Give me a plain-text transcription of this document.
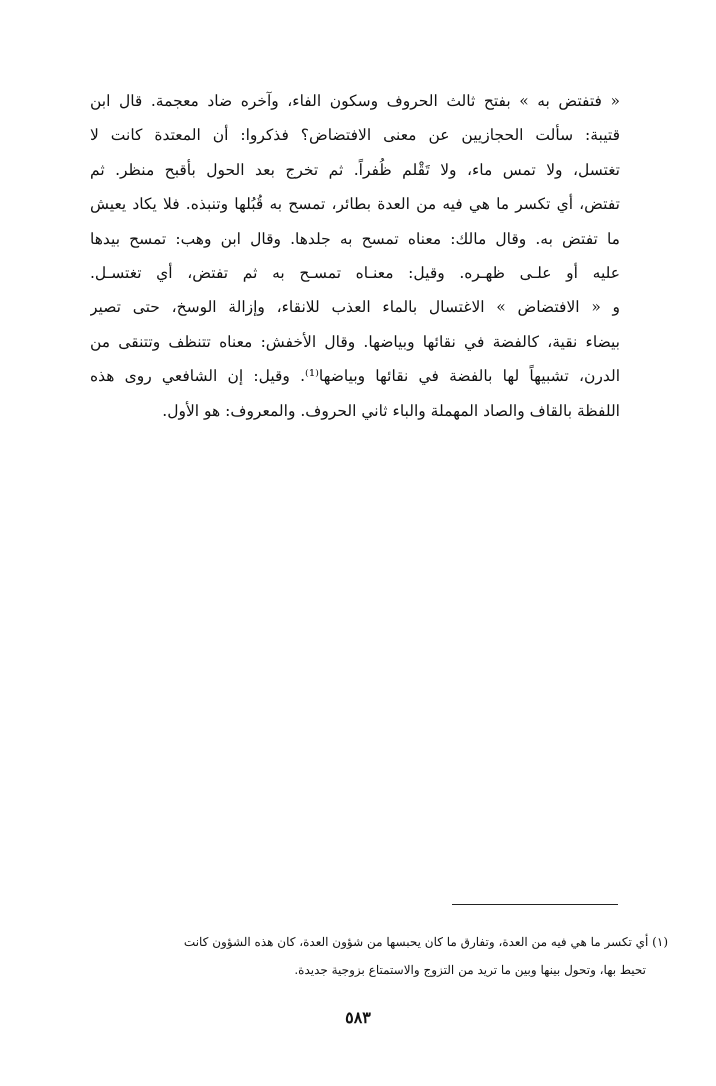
« فتفتض به » بفتح ثالث الحروف وسكون الفاء، وآخره ضاد معجمة. قال ابن
قتيبة: سألت الحجازيين عن معنى الافتضاض؟ فذكروا: أن المعتدة كانت لا
تغتسل، ولا تمس ماء، ولا تَقْلم ظُفراً. ثم تخرج بعد الحول بأقبح منظر. ثم
تفتض، أي تكسر ما هي فيه من العدة بطائر، تمسح به قُبُلها وتنبذه. فلا يكاد يعيش
ما تفتض به. وقال مالك: معناه تمسح به جلدها. وقال ابن وهب: تمسح بيدها
عليه أو علـى ظهـره. وقيل: معنـاه تمسـح به ثم تفتض، أي تغتسـل.
و « الافتضاض » الاغتسال بالماء العذب للانقاء، وإزالة الوسخ، حتى تصير
بيضاء نقية، كالفضة في نقائها وبياضها. وقال الأخفش: معناه تتنظف وتتنقى من
الدرن، تشبيهاً لها بالفضة في نقائها وبياضها⁽¹⁾. وقيل: إن الشافعي روى هذه
اللفظة بالقاف والصاد المهملة والباء ثاني الحروف. والمعروف: هو الأول.
(١) أي تكسر ما هي فيه من العدة، وتفارق ما كان يحبسها من شؤون العدة، كان هذه الشؤون كانت
تحيط بها، وتحول بينها وبين ما تريد من التزوج والاستمتاع بزوجية جديدة.
٥٨٣
